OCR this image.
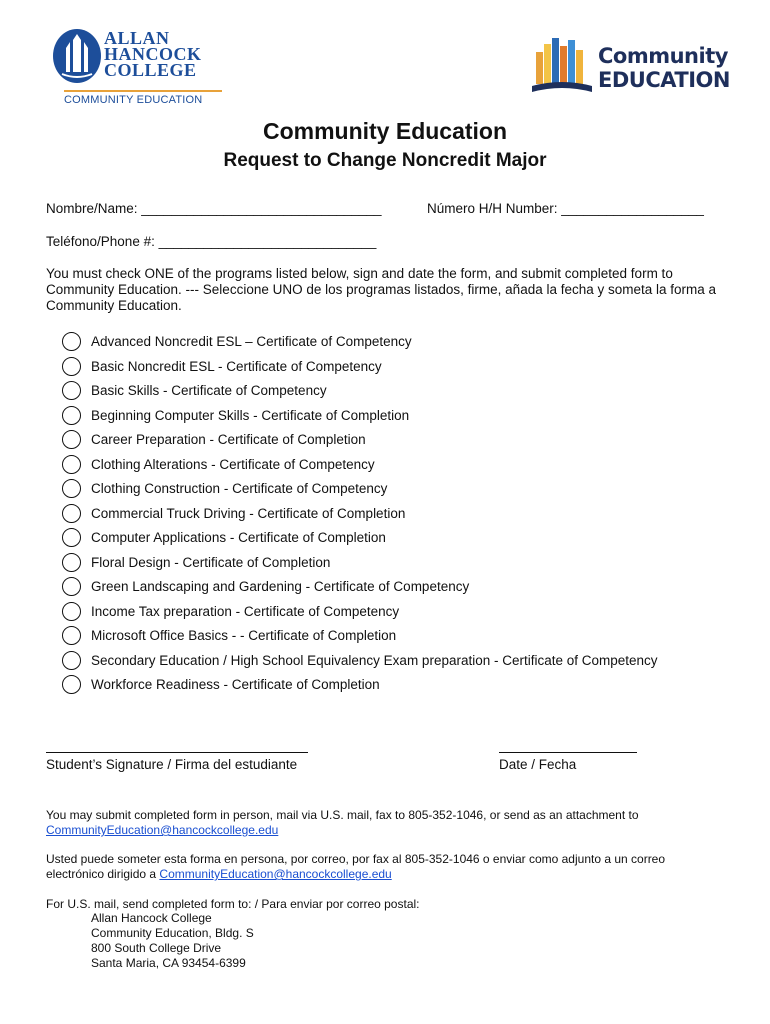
ALLAN
HANCOCK
COLLEGE
COMMUNITY EDUCATION
Community
EDUCATION
Community Education
Request to Change Noncredit Major
Nombre/Name: ________________________________	Número H/H Number: ___________________
Teléfono/Phone #: _____________________________
You must check ONE of the programs listed below, sign and date the form, and submit completed form to Community Education. --- Seleccione UNO de los programas listados, firme, añada la fecha y someta la forma a Community Education.
Advanced Noncredit ESL – Certificate of Competency
Basic Noncredit ESL - Certificate of Competency
Basic Skills - Certificate of Competency
Beginning Computer Skills - Certificate of Completion
Career Preparation - Certificate of Completion
Clothing Alterations - Certificate of Competency
Clothing Construction - Certificate of Competency
Commercial Truck Driving - Certificate of Completion
Computer Applications - Certificate of Completion
Floral Design - Certificate of Completion
Green Landscaping and Gardening - Certificate of Competency
Income Tax preparation - Certificate of Competency
Microsoft Office Basics - - Certificate of Completion
Secondary Education / High School Equivalency Exam preparation - Certificate of Competency
Workforce Readiness - Certificate of Completion
Student’s Signature / Firma del estudiante	Date / Fecha
You may submit completed form in person, mail via U.S. mail, fax to 805-352-1046, or send as an attachment to
CommunityEducation@hancockcollege.edu
Usted puede someter esta forma en persona, por correo, por fax al 805-352-1046 o enviar como adjunto a un correo electrónico dirigido a CommunityEducation@hancockcollege.edu
For U.S. mail, send completed form to: / Para enviar por correo postal:
Allan Hancock College
Community Education, Bldg. S
800 South College Drive
Santa Maria, CA 93454-6399
